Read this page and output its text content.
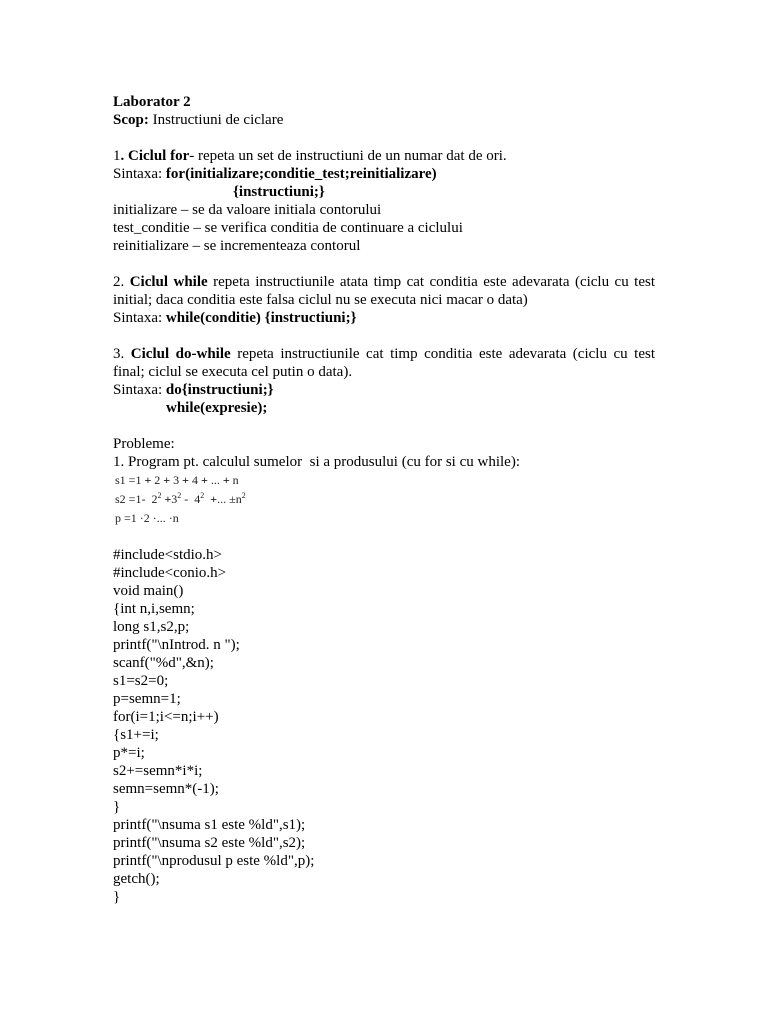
Laborator 2
Scop: Instructiuni de ciclare
1. Ciclul for- repeta un set de instructiuni de un numar dat de ori.
Sintaxa: for(initializare;conditie_test;reinitializare)
{instructiuni;}
initializare – se da valoare initiala contorului
test_conditie – se verifica conditia de continuare a ciclului
reinitializare – se incrementeaza contorul
2. Ciclul while repeta instructiunile atata timp cat conditia este adevarata (ciclu cu test initial; daca conditia este falsa ciclul nu se executa nici macar o data)
Sintaxa: while(conditie) {instructiuni;}
3. Ciclul do-while repeta instructiunile cat timp conditia este adevarata (ciclu cu test final; ciclul se executa cel putin o data).
Sintaxa: do{instructiuni;}
while(expresie);
Probleme:
1. Program pt. calculul sumelor  si a produsului (cu for si cu while):
s1 =1 + 2 + 3 + 4 + ... + n
s2 =1-  $2^2 +3^2 - 4^2$ +... $\pm n^2$
p =1 ·2 ·... ·n
#include<stdio.h>
#include<conio.h>
void main()
{int n,i,semn;
long s1,s2,p;
printf("\nIntrod. n ");
scanf("%d",&n);
s1=s2=0;
p=semn=1;
for(i=1;i<=n;i++)
{s1+=i;
p*=i;
s2+=semn*i*i;
semn=semn*(-1);
}
printf("\nsuma s1 este %ld",s1);
printf("\nsuma s2 este %ld",s2);
printf("\nprodusul p este %ld",p);
getch();
}
